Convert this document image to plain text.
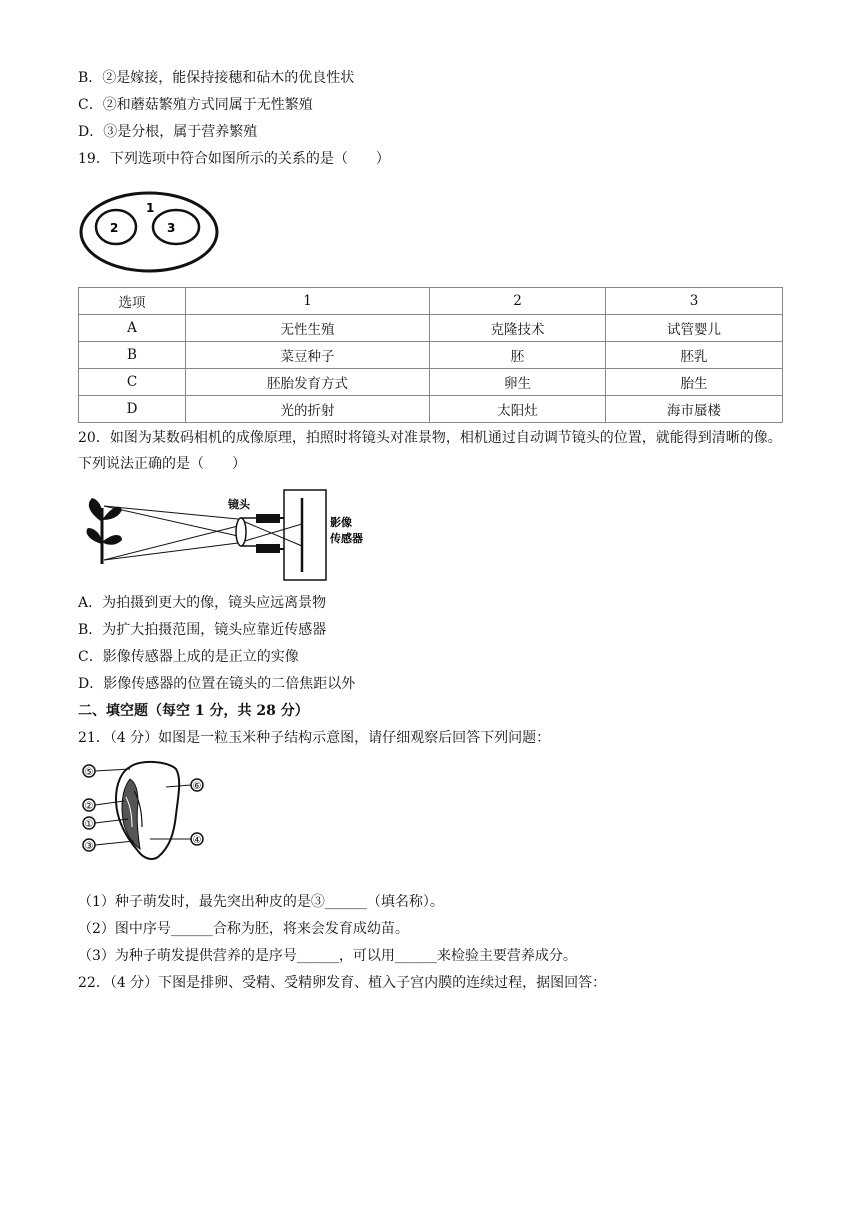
B．②是嫁接，能保持接穗和砧木的优良性状
C．②和蘑菇繁殖方式同属于无性繁殖
D．③是分根，属于营养繁殖
19．下列选项中符合如图所示的关系的是（　　）
1
2	3
选项	1	2	3
A	无性生殖	克隆技术	试管婴儿
B	菜豆种子	胚	胚乳
C	胚胎发育方式	卵生	胎生
D	光的折射	太阳灶	海市蜃楼
20．如图为某数码相机的成像原理，拍照时将镜头对准景物，相机通过自动调节镜头的位置，就能得到清晰的像。下列说法正确的是（　　）
镜头
影像
传感器
A．为拍摄到更大的像，镜头应远离景物
B．为扩大拍摄范围，镜头应靠近传感器
C．影像传感器上成的是正立的实像
D．影像传感器的位置在镜头的二倍焦距以外
二、填空题（每空 1 分，共 28 分）
21．（4 分）如图是一粒玉米种子结构示意图，请仔细观察后回答下列问题：
⑤
②
①
③
⑥
④
（1）种子萌发时，最先突出种皮的是③______（填名称）。
（2）图中序号______合称为胚，将来会发育成幼苗。
（3）为种子萌发提供营养的是序号______，可以用______来检验主要营养成分。
22．（4 分）下图是排卵、受精、受精卵发育、植入子宫内膜的连续过程，据图回答：
